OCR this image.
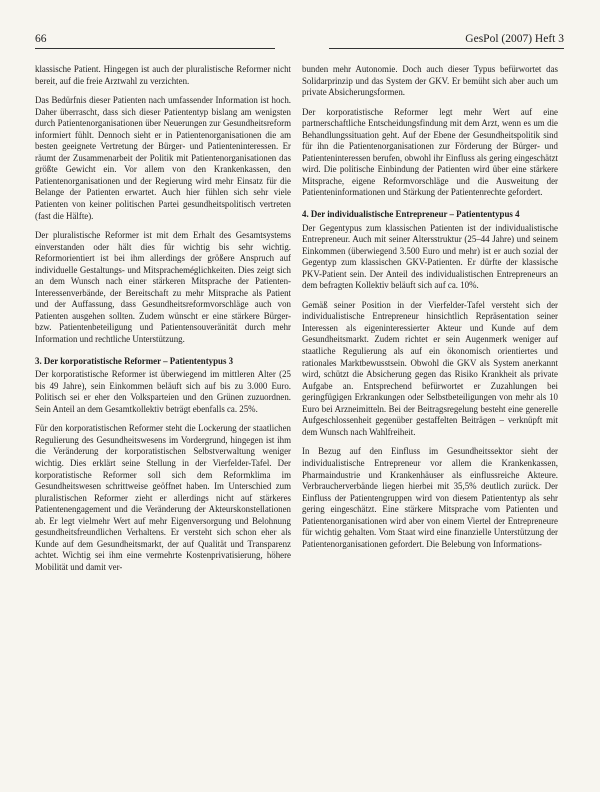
66	GesPol (2007) Heft 3

klassische Patient. Hingegen ist auch der pluralistische Reformer nicht bereit, auf die freie Arztwahl zu verzichten.

Das Bedürfnis dieser Patienten nach umfassender Information ist hoch. Daher überrascht, dass sich dieser Patiententyp bislang am wenigsten durch Patientenorganisationen über Neuerungen zur Gesundheitsreform informiert fühlt. Dennoch sieht er in Patientenorganisationen die am besten geeignete Vertretung der Bürger- und Patienteninteressen. Er räumt der Zusammenarbeit der Politik mit Patientenorganisationen das größte Gewicht ein. Vor allem von den Krankenkassen, den Patientenorganisationen und der Regierung wird mehr Einsatz für die Belange der Patienten erwartet. Auch hier fühlen sich sehr viele Patienten von keiner politischen Partei gesundheitspolitisch vertreten (fast die Hälfte).

Der pluralistische Reformer ist mit dem Erhalt des Gesamtsystems einverstanden oder hält dies für wichtig bis sehr wichtig. Reformorientiert ist bei ihm allerdings der größere Anspruch auf individuelle Gestaltungs- und Mitspracheméglichkeiten. Dies zeigt sich an dem Wunsch nach einer stärkeren Mitsprache der Patienten-Interessenverbände, der Bereitschaft zu mehr Mitsprache als Patient und der Auffassung, dass Gesundheitsreformvorschläge auch von Patienten ausgehen sollten. Zudem wünscht er eine stärkere Bürger- bzw. Patientenbeteiligung und Patientensouveränität durch mehr Information und rechtliche Unterstützung.

3. Der korporatistische Reformer – Patiententypus 3

Der korporatistische Reformer ist überwiegend im mittleren Alter (25 bis 49 Jahre), sein Einkommen beläuft sich auf bis zu 3.000 Euro. Politisch sei er eher den Volksparteien und den Grünen zuzuordnen. Sein Anteil an dem Gesamtkollektiv beträgt ebenfalls ca. 25%.

Für den korporatistischen Reformer steht die Lockerung der staatlichen Regulierung des Gesundheitswesens im Vordergrund, hingegen ist ihm die Veränderung der korporatistischen Selbstverwaltung weniger wichtig. Dies erklärt seine Stellung in der Vierfelder-Tafel. Der korporatistische Reformer soll sich dem Reformklima im Gesundheitswesen schrittweise geöffnet haben. Im Unterschied zum pluralistischen Reformer zieht er allerdings nicht auf stärkeres Patientenengagement und die Veränderung der Akteurskonstellationen ab. Er legt vielmehr Wert auf mehr Eigenversorgung und Belohnung gesundheitsfreundlichen Verhaltens. Er versteht sich schon eher als Kunde auf dem Gesundheitsmarkt, der auf Qualität und Transparenz achtet. Wichtig sei ihm eine vermehrte Kostenprivatisierung, höhere Mobilität und damit ver-

bunden mehr Autonomie. Doch auch dieser Typus befürwortet das Solidarprinzip und das System der GKV. Er bemüht sich aber auch um private Absicherungsformen.

Der korporatistische Reformer legt mehr Wert auf eine partnerschaftliche Entscheidungsfindung mit dem Arzt, wenn es um die Behandlungssituation geht. Auf der Ebene der Gesundheitspolitik sind für ihn die Patientenorganisationen zur Förderung der Bürger- und Patienteninteressen berufen, obwohl ihr Einfluss als gering eingeschätzt wird. Die politische Einbindung der Patienten wird über eine stärkere Mitsprache, eigene Reformvorschläge und die Ausweitung der Patienteninformationen und Stärkung der Patientenrechte gefordert.

4. Der individualistische Entrepreneur – Patiententypus 4

Der Gegentypus zum klassischen Patienten ist der individualistische Entrepreneur. Auch mit seiner Altersstruktur (25–44 Jahre) und seinem Einkommen (überwiegend 3.500 Euro und mehr) ist er auch sozial der Gegentyp zum klassischen GKV-Patienten. Er dürfte der klassische PKV-Patient sein. Der Anteil des individualistischen Entrepreneurs an dem befragten Kollektiv beläuft sich auf ca. 10%.

Gemäß seiner Position in der Vierfelder-Tafel versteht sich der individualistische Entrepreneur hinsichtlich Repräsentation seiner Interessen als eigeninteressierter Akteur und Kunde auf dem Gesundheitsmarkt. Zudem richtet er sein Augenmerk weniger auf staatliche Regulierung als auf ein ökonomisch orientiertes und rationales Marktbewusstsein. Obwohl die GKV als System anerkannt wird, schützt die Absicherung gegen das Risiko Krankheit als private Aufgabe an. Entsprechend befürwortet er Zuzahlungen bei geringfügigen Erkrankungen oder Selbstbeteiligungen von mehr als 10 Euro bei Arzneimitteln. Bei der Beitragsregelung besteht eine generelle Aufgeschlossenheit gegenüber gestaffelten Beiträgen – verknüpft mit dem Wunsch nach Wahlfreiheit.

In Bezug auf den Einfluss im Gesundheitssektor sieht der individualistische Entrepreneur vor allem die Krankenkassen, Pharmaindustrie und Krankenhäuser als einflussreiche Akteure. Verbraucherverbände liegen hierbei mit 35,5% deutlich zurück. Der Einfluss der Patientengruppen wird von diesem Patiententyp als sehr gering eingeschätzt. Eine stärkere Mitsprache vom Patienten und Patientenorganisationen wird aber von einem Viertel der Entrepreneure für wichtig gehalten. Vom Staat wird eine finanzielle Unterstützung der Patientenorganisationen gefordert. Die Belebung von Informations-
